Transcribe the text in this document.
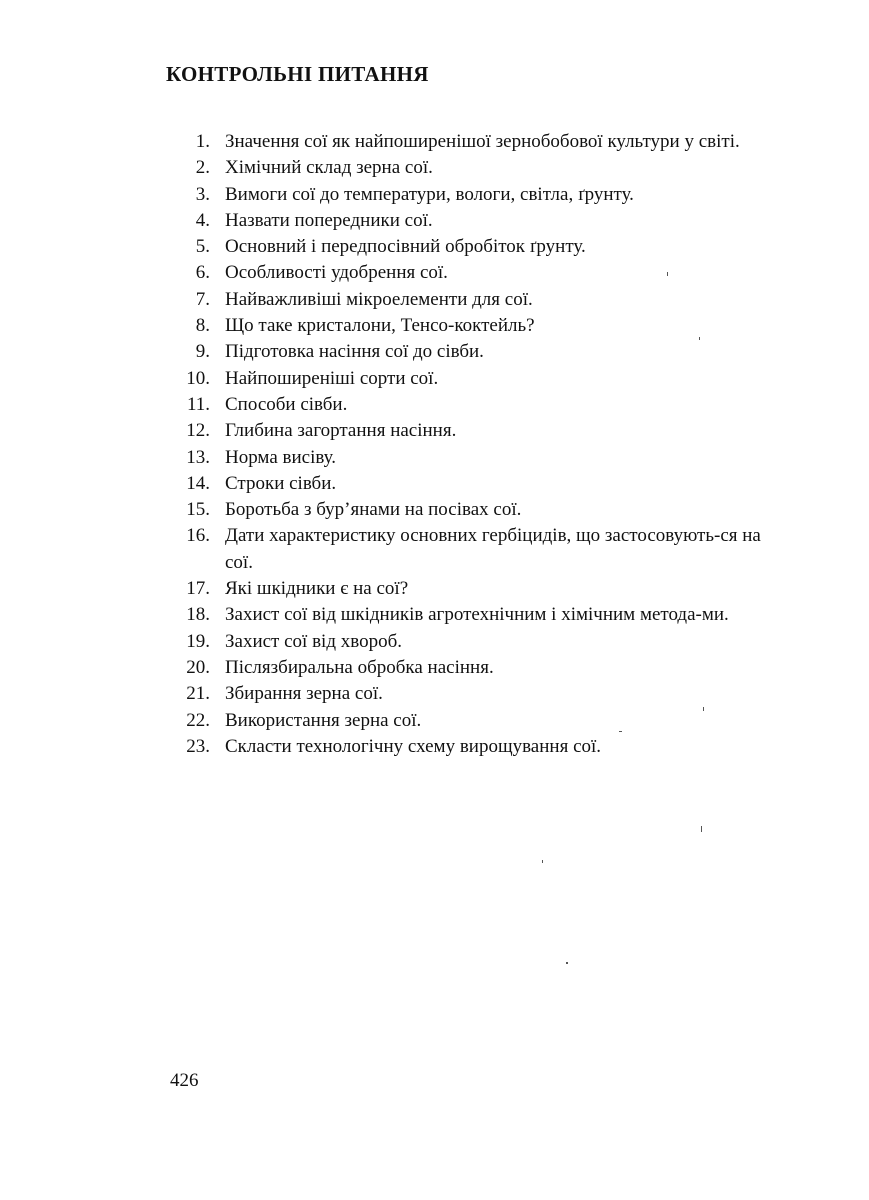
КОНТРОЛЬНІ ПИТАННЯ
1. Значення сої як найпоширенішої зернобобової культури у світі.
2. Хімічний склад зерна сої.
3. Вимоги сої до температури, вологи, світла, ґрунту.
4. Назвати попередники сої.
5. Основний і передпосівний обробіток ґрунту.
6. Особливості удобрення сої.
7. Найважливіші мікроелементи для сої.
8. Що таке кристалони, Тенсо-коктейль?
9. Підготовка насіння сої до сівби.
10. Найпоширеніші сорти сої.
11. Способи сівби.
12. Глибина загортання насіння.
13. Норма висіву.
14. Строки сівби.
15. Боротьба з бур’янами на посівах сої.
16. Дати характеристику основних гербіцидів, що застосовують-ся на сої.
17. Які шкідники є на сої?
18. Захист сої від шкідників агротехнічним і хімічним метода-ми.
19. Захист сої від хвороб.
20. Післязбиральна обробка насіння.
21. Збирання зерна сої.
22. Використання зерна сої.
23. Скласти технологічну схему вирощування сої.
426
